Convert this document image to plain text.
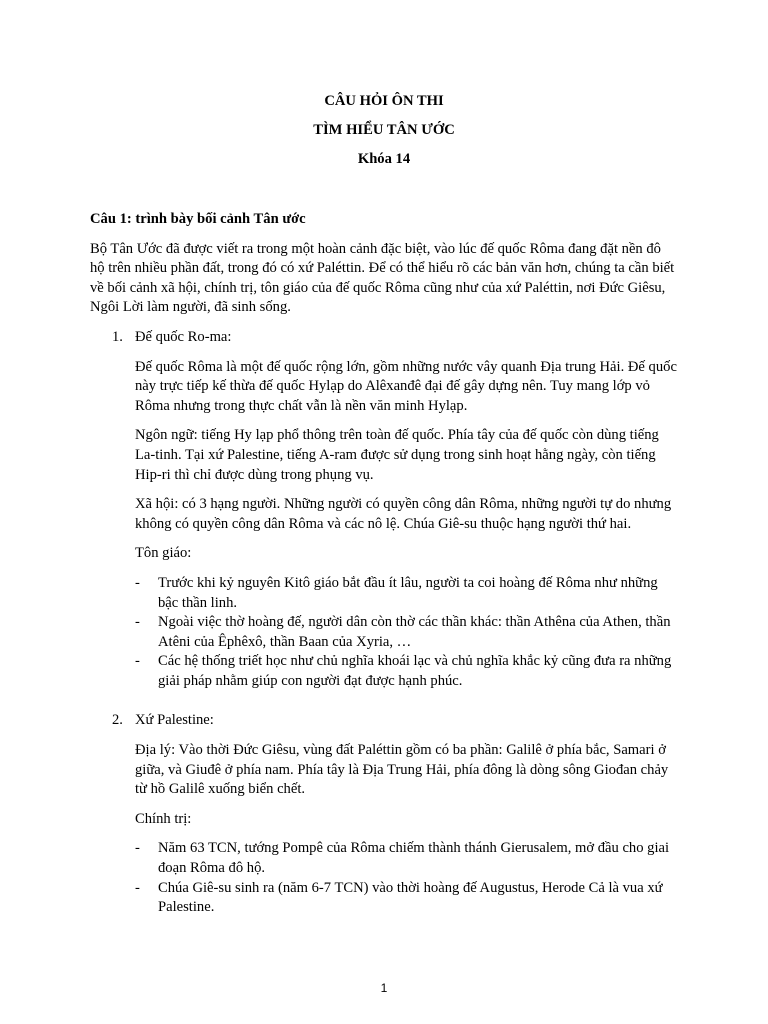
CÂU HỎI ÔN THI
TÌM HIỂU TÂN ƯỚC
Khóa 14
Câu 1: trình bày bối cảnh Tân ước

Bộ Tân Ước đã được viết ra trong một hoàn cảnh đặc biệt, vào lúc đế quốc Rôma đang đặt nền đô hộ trên nhiều phần đất, trong đó có xứ Paléttin. Để có thể hiểu rõ các bản văn hơn, chúng ta cần biết về bối cảnh xã hội, chính trị, tôn giáo của đế quốc Rôma cũng như của xứ Paléttin, nơi Đức Giêsu, Ngôi Lời làm người, đã sinh sống.

1. Đế quốc Ro-ma:

Đế quốc Rôma là một đế quốc rộng lớn, gồm những nước vây quanh Địa trung Hải. Đế quốc này trực tiếp kế thừa đế quốc Hylạp do Alêxanđê đại đế gây dựng nên. Tuy mang lớp vỏ Rôma nhưng trong thực chất vẫn là nền văn minh Hylạp.

Ngôn ngữ: tiếng Hy lạp phổ thông trên toàn đế quốc. Phía tây của đế quốc còn dùng tiếng La-tinh. Tại xứ Palestine, tiếng A-ram được sử dụng trong sinh hoạt hằng ngày, còn tiếng Hip-ri thì chỉ được dùng trong phụng vụ.

Xã hội: có 3 hạng người. Những người có quyền công dân Rôma, những người tự do nhưng không có quyền công dân Rôma và các nô lệ. Chúa Giê-su thuộc hạng người thứ hai.

Tôn giáo:

- Trước khi kỷ nguyên Kitô giáo bắt đầu ít lâu, người ta coi hoàng đế Rôma như những bậc thần linh.
- Ngoài việc thờ hoàng đế, người dân còn thờ các thần khác: thần Athêna của Athen, thần Atêni của Êphêxô, thần Baan của Xyria, …
- Các hệ thống triết học như chủ nghĩa khoái lạc và chủ nghĩa khắc kỷ cũng đưa ra những giải pháp nhằm giúp con người đạt được hạnh phúc.
2. Xứ Palestine:

Địa lý: Vào thời Đức Giêsu, vùng đất Paléttin gồm có ba phần: Galilê ở phía bắc, Samari ở giữa, và Giuđê ở phía nam. Phía tây là Địa Trung Hải, phía đông là dòng sông Giođan chảy từ hồ Galilê xuống biển chết.

Chính trị:

- Năm 63 TCN, tướng Pompê của Rôma chiếm thành thánh Gierusalem, mở đầu cho giai đoạn Rôma đô hộ.
- Chúa Giê-su sinh ra (năm 6-7 TCN) vào thời hoàng đế Augustus, Herode Cả là vua xứ Palestine.
1
